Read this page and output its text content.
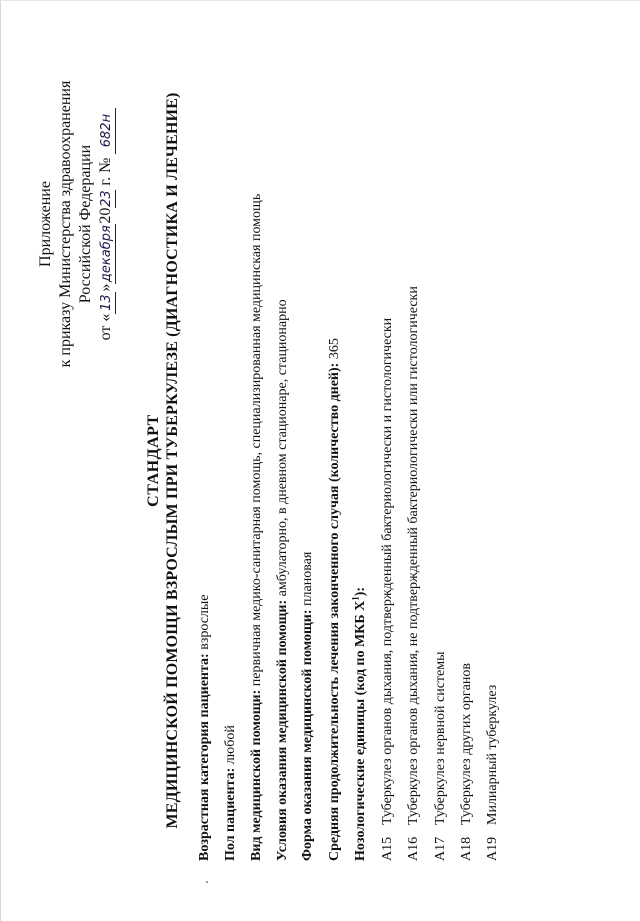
Приложение к приказу Министерства здравоохранения Российской Федерации
от «13»декабря2023 г. № 682н
СТАНДАРТ МЕДИЦИНСКОЙ ПОМОЩИ ВЗРОСЛЫМ ПРИ ТУБЕРКУЛЕЗЕ (ДИАГНОСТИКА И ЛЕЧЕНИЕ) Возрастная категория пациента: взрослые
Пол пациента: любой Вид медицинской помощи: первичная медико-санитарная помощь, специализированная медицинская помощь
Условия оказания медицинской помощи: амбулаторно, в дневном стационаре, стационарно
Форма оказания медицинской помощи: плановая Средняя продолжительность лечения законченного случая (количество дней): 365
Нозологические единицы (код по МКБ X$^1$):
A15Туберкулез органов дыхания, подтвержденный бактериологически и гистологически
A16Туберкулез органов дыхания, не подтвержденный бактериологически или гистологически
A17Туберкулез нервной системы
A18Туберкулез других органов
A19Милиарный туберкулез
